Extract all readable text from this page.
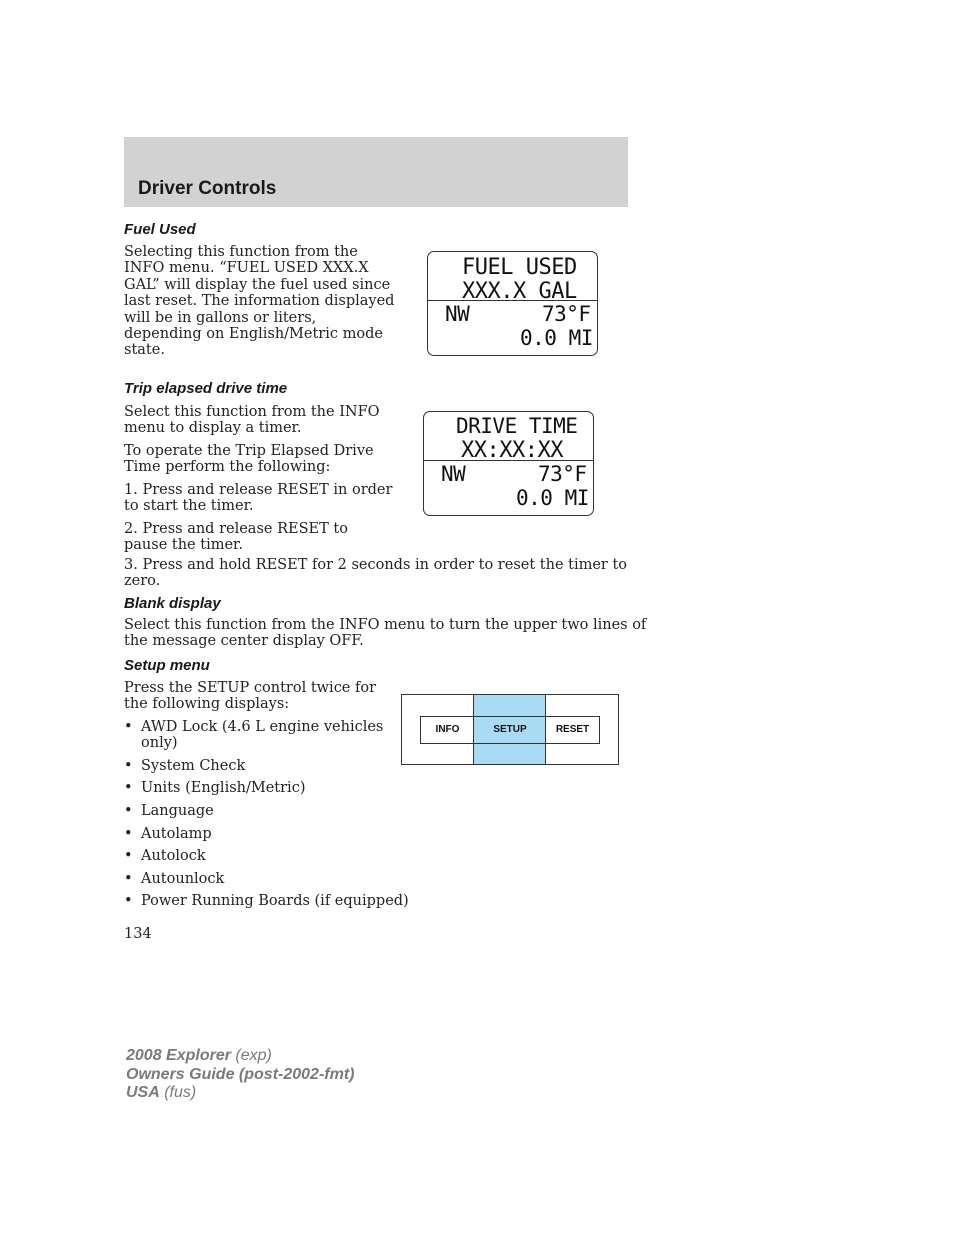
Driver Controls
Fuel Used
Selecting this function from the
INFO menu. “FUEL USED XXX.X
GAL” will display the fuel used since
last reset. The information displayed
will be in gallons or liters,
depending on English/Metric mode
state.
FUEL USED
XXX.X GAL
NW	73°F
0.0 MI
Trip elapsed drive time
Select this function from the INFO
menu to display a timer.
To operate the Trip Elapsed Drive
Time perform the following:
1. Press and release RESET in order
to start the timer.
2. Press and release RESET to
pause the timer.
3. Press and hold RESET for 2 seconds in order to reset the timer to
zero.
DRIVE TIME
XX:XX:XX
NW	73°F
0.0 MI
Blank display
Select this function from the INFO menu to turn the upper two lines of
the message center display OFF.
Setup menu
Press the SETUP control twice for
the following displays:
• AWD Lock (4.6 L engine vehicles
only)
• System Check
• Units (English/Metric)
• Language
• Autolamp
• Autolock
• Autounlock
• Power Running Boards (if equipped)
INFO	SETUP	RESET
134
2008 Explorer (exp)
Owners Guide (post-2002-fmt)
USA (fus)
